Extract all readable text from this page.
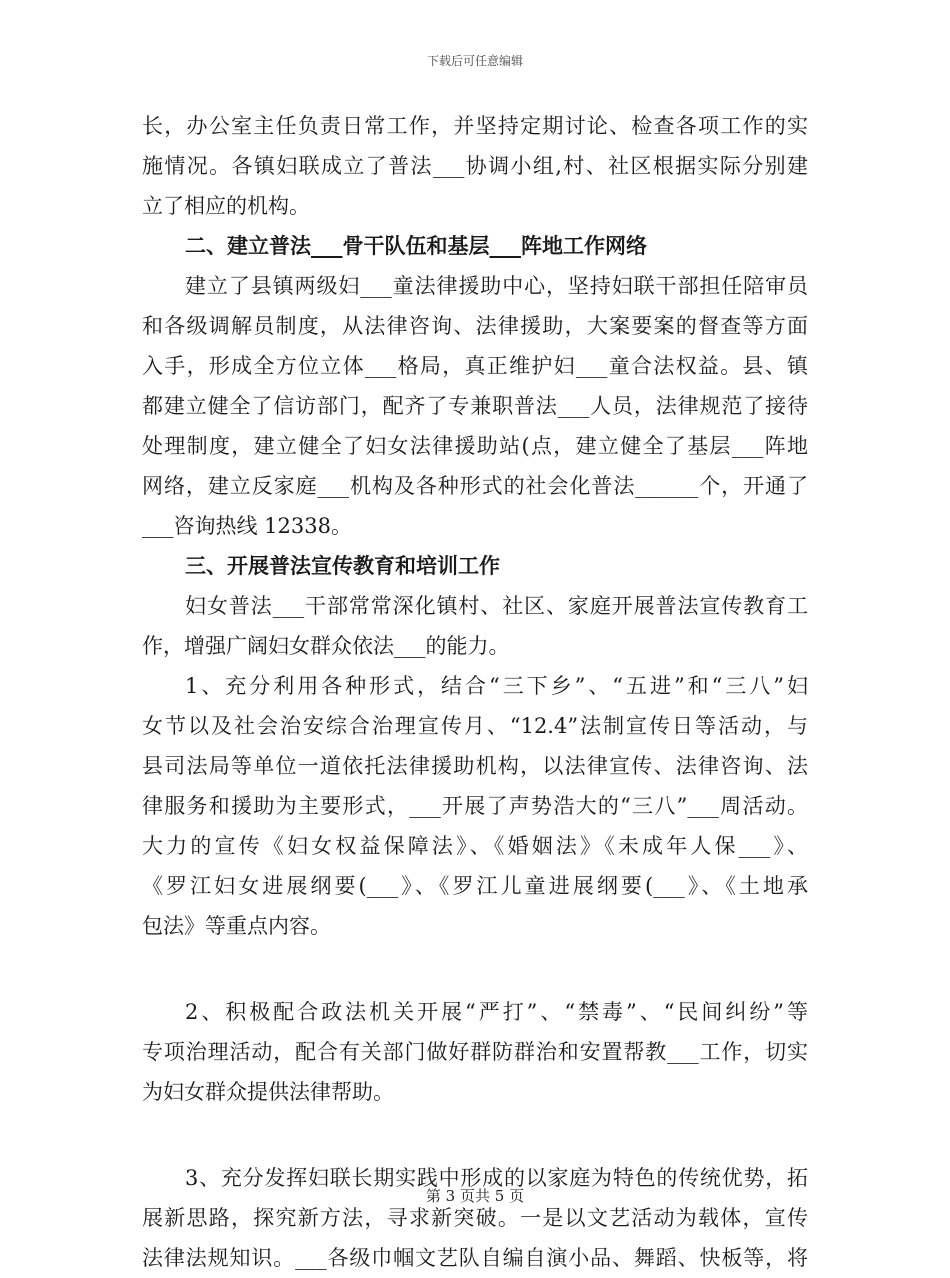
下载后可任意编辑
长，办公室主任负责日常工作，并坚持定期讨论、检查各项工作的实
施情况。各镇妇联成立了普法___协调小组,村、社区根据实际分别建
立了相应的机构。
二、建立普法___骨干队伍和基层___阵地工作网络
建立了县镇两级妇___童法律援助中心，坚持妇联干部担任陪审员
和各级调解员制度，从法律咨询、法律援助，大案要案的督查等方面
入手，形成全方位立体___格局，真正维护妇___童合法权益。县、镇
都建立健全了信访部门，配齐了专兼职普法___人员，法律规范了接待
处理制度，建立健全了妇女法律援助站(点，建立健全了基层___阵地
网络，建立反家庭___机构及各种形式的社会化普法______个，开通了
___咨询热线 12338。
三、开展普法宣传教育和培训工作
妇女普法___干部常常深化镇村、社区、家庭开展普法宣传教育工
作，增强广阔妇女群众依法___的能力。
1、充分利用各种形式，结合“三下乡”、“五进”和“三八”妇
女节以及社会治安综合治理宣传月、“12.4”法制宣传日等活动，与
县司法局等单位一道依托法律援助机构，以法律宣传、法律咨询、法
律服务和援助为主要形式，___开展了声势浩大的“三八”___周活动。
大力的宣传《妇女权益保障法》、《婚姻法》《未成年人保___》、
《罗江妇女进展纲要(___》、《罗江儿童进展纲要(___》、《土地承
包法》等重点内容。
2、积极配合政法机关开展“严打”、“禁毒”、“民间纠纷”等
专项治理活动，配合有关部门做好群防群治和安置帮教___工作，切实
为妇女群众提供法律帮助。
3、充分发挥妇联长期实践中形成的以家庭为特色的传统优势，拓
展新思路，探究新方法，寻求新突破。一是以文艺活动为载体，宣传
法律法规知识。___各级巾帼文艺队自编自演小品、舞蹈、快板等，将
第 3 页共 5 页
